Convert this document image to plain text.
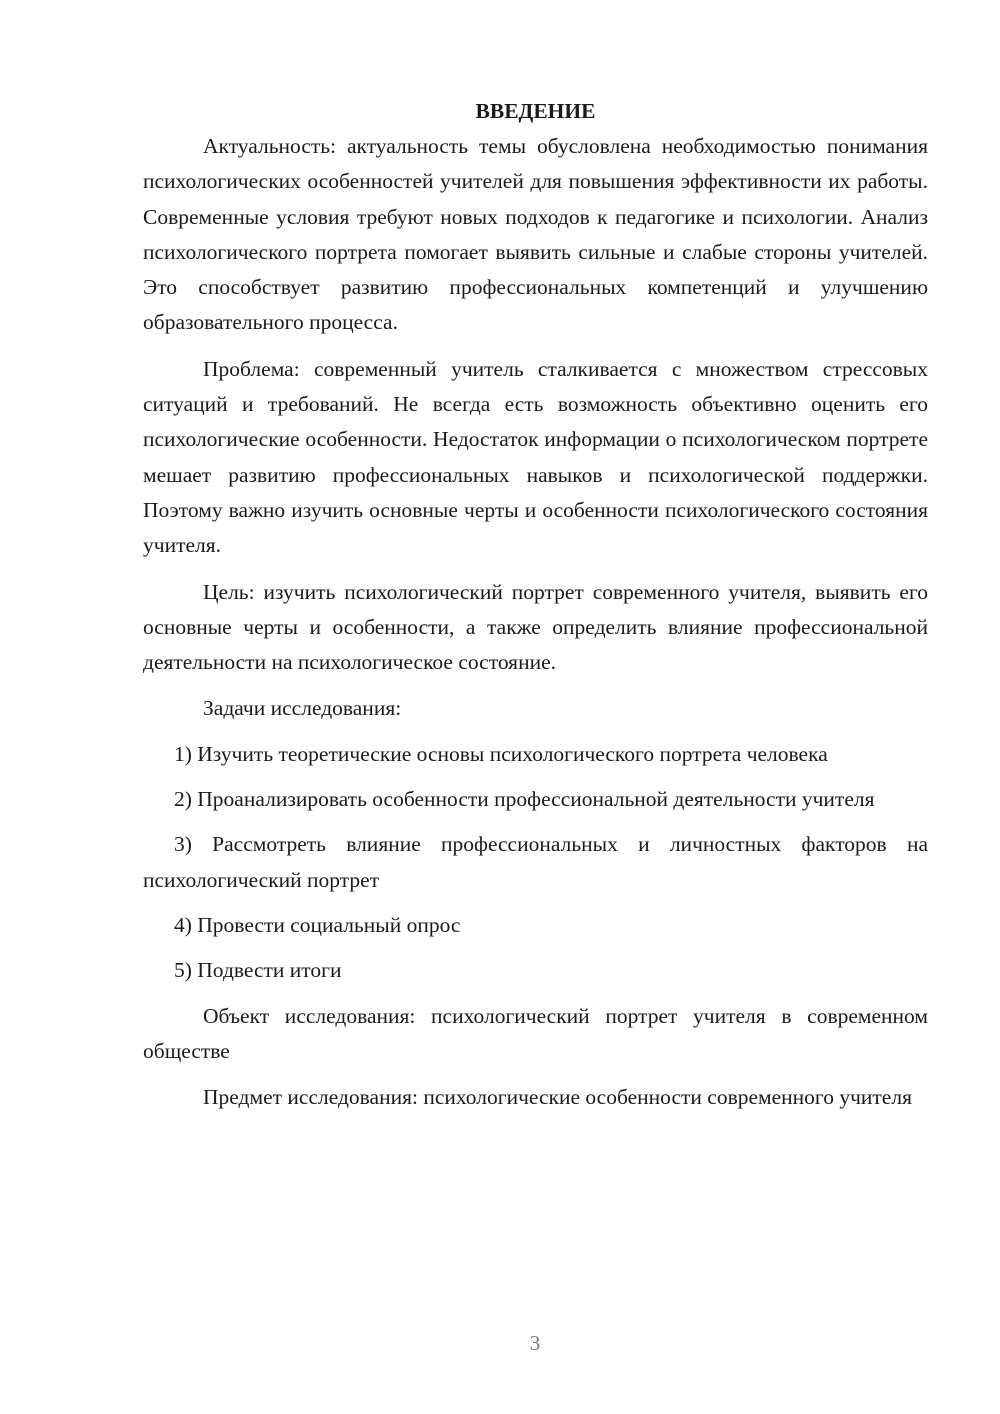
ВВЕДЕНИЕ

Актуальность: актуальность темы обусловлена необходимостью понимания психологических особенностей учителей для повышения эффективности их работы. Современные условия требуют новых подходов к педагогике и психологии. Анализ психологического портрета помогает выявить сильные и слабые стороны учителей. Это способствует развитию профессиональных компетенций и улучшению образовательного процесса.

Проблема: современный учитель сталкивается с множеством стрессовых ситуаций и требований. Не всегда есть возможность объективно оценить его психологические особенности. Недостаток информации о психологическом портрете мешает развитию профессиональных навыков и психологической поддержки. Поэтому важно изучить основные черты и особенности психологического состояния учителя.

Цель: изучить психологический портрет современного учителя, выявить его основные черты и особенности, а также определить влияние профессиональной деятельности на психологическое состояние.

Задачи исследования:

1) Изучить теоретические основы психологического портрета человека

2) Проанализировать особенности профессиональной деятельности учителя

3) Рассмотреть влияние профессиональных и личностных факторов на психологический портрет

4) Провести социальный опрос

5) Подвести итоги

Объект исследования: психологический портрет учителя в современном обществе

Предмет исследования: психологические особенности современного учителя

3
